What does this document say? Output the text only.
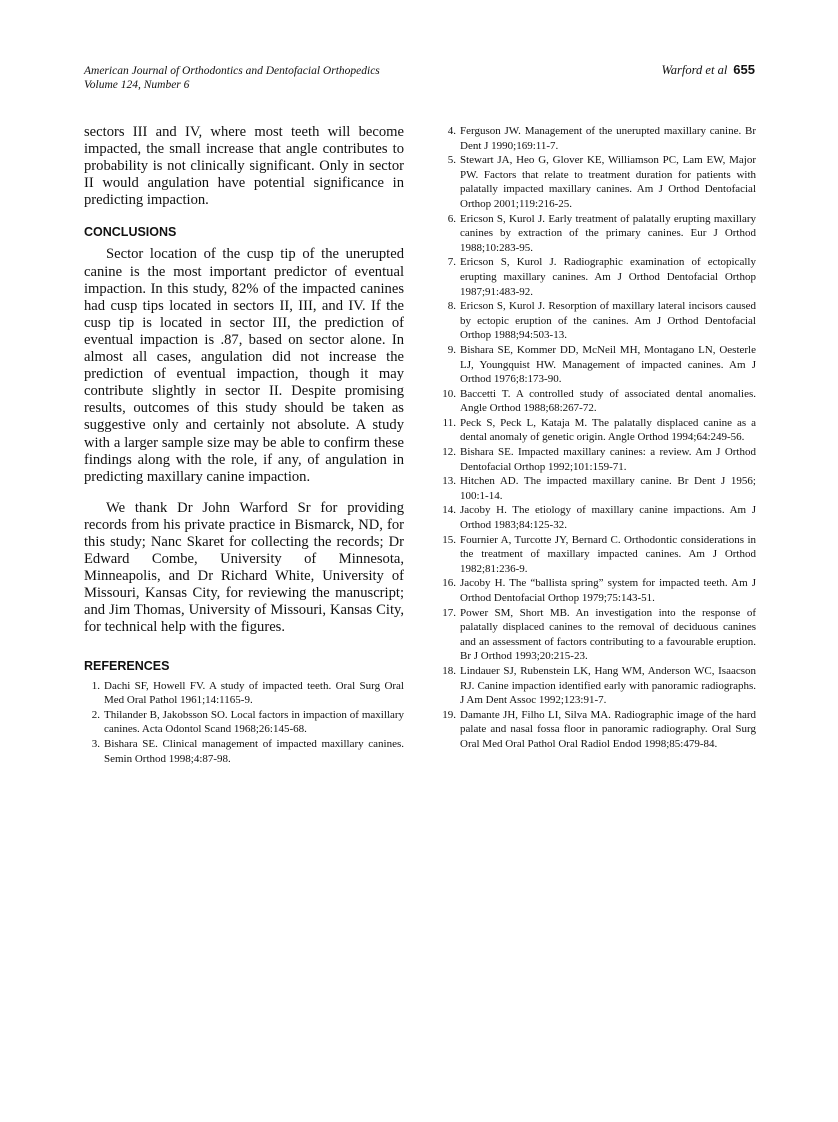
American Journal of Orthodontics and Dentofacial Orthopedics
Volume 124, Number 6
Warford et al 655

sectors III and IV, where most teeth will become impacted, the small increase that angle contributes to probability is not clinically significant. Only in sector II would angulation have potential significance in predicting impaction.

CONCLUSIONS

Sector location of the cusp tip of the unerupted canine is the most important predictor of eventual impaction. In this study, 82% of the impacted canines had cusp tips located in sectors II, III, and IV. If the cusp tip is located in sector III, the prediction of eventual impaction is .87, based on sector alone. In almost all cases, angulation did not increase the prediction of eventual impaction, though it may contribute slightly in sector II. Despite promising results, outcomes of this study should be taken as suggestive only and certainly not absolute. A study with a larger sample size may be able to confirm these findings along with the role, if any, of angulation in predicting maxillary canine impaction.

We thank Dr John Warford Sr for providing records from his private practice in Bismarck, ND, for this study; Nanc Skaret for collecting the records; Dr Edward Combe, University of Minnesota, Minneapolis, and Dr Richard White, University of Missouri, Kansas City, for reviewing the manuscript; and Jim Thomas, University of Missouri, Kansas City, for technical help with the figures.

REFERENCES
1. Dachi SF, Howell FV. A study of impacted teeth. Oral Surg Oral Med Oral Pathol 1961;14:1165-9.
2. Thilander B, Jakobsson SO. Local factors in impaction of maxillary canines. Acta Odontol Scand 1968;26:145-68.
3. Bishara SE. Clinical management of impacted maxillary canines. Semin Orthod 1998;4:87-98.
4. Ferguson JW. Management of the unerupted maxillary canine. Br Dent J 1990;169:11-7.
5. Stewart JA, Heo G, Glover KE, Williamson PC, Lam EW, Major PW. Factors that relate to treatment duration for patients with palatally impacted maxillary canines. Am J Orthod Dentofacial Orthop 2001;119:216-25.
6. Ericson S, Kurol J. Early treatment of palatally erupting maxillary canines by extraction of the primary canines. Eur J Orthod 1988;10:283-95.
7. Ericson S, Kurol J. Radiographic examination of ectopically erupting maxillary canines. Am J Orthod Dentofacial Orthop 1987;91:483-92.
8. Ericson S, Kurol J. Resorption of maxillary lateral incisors caused by ectopic eruption of the canines. Am J Orthod Dentofacial Orthop 1988;94:503-13.
9. Bishara SE, Kommer DD, McNeil MH, Montagano LN, Oesterle LJ, Youngquist HW. Management of impacted canines. Am J Orthod 1976;8:173-90.
10. Baccetti T. A controlled study of associated dental anomalies. Angle Orthod 1988;68:267-72.
11. Peck S, Peck L, Kataja M. The palatally displaced canine as a dental anomaly of genetic origin. Angle Orthod 1994;64:249-56.
12. Bishara SE. Impacted maxillary canines: a review. Am J Orthod Dentofacial Orthop 1992;101:159-71.
13. Hitchen AD. The impacted maxillary canine. Br Dent J 1956; 100:1-14.
14. Jacoby H. The etiology of maxillary canine impactions. Am J Orthod 1983;84:125-32.
15. Fournier A, Turcotte JY, Bernard C. Orthodontic considerations in the treatment of maxillary impacted canines. Am J Orthod 1982;81:236-9.
16. Jacoby H. The “ballista spring” system for impacted teeth. Am J Orthod Dentofacial Orthop 1979;75:143-51.
17. Power SM, Short MB. An investigation into the response of palatally displaced canines to the removal of deciduous canines and an assessment of factors contributing to a favourable eruption. Br J Orthod 1993;20:215-23.
18. Lindauer SJ, Rubenstein LK, Hang WM, Anderson WC, Isaacson RJ. Canine impaction identified early with panoramic radiographs. J Am Dent Assoc 1992;123:91-7.
19. Damante JH, Filho LI, Silva MA. Radiographic image of the hard palate and nasal fossa floor in panoramic radiography. Oral Surg Oral Med Oral Pathol Oral Radiol Endod 1998;85:479-84.
